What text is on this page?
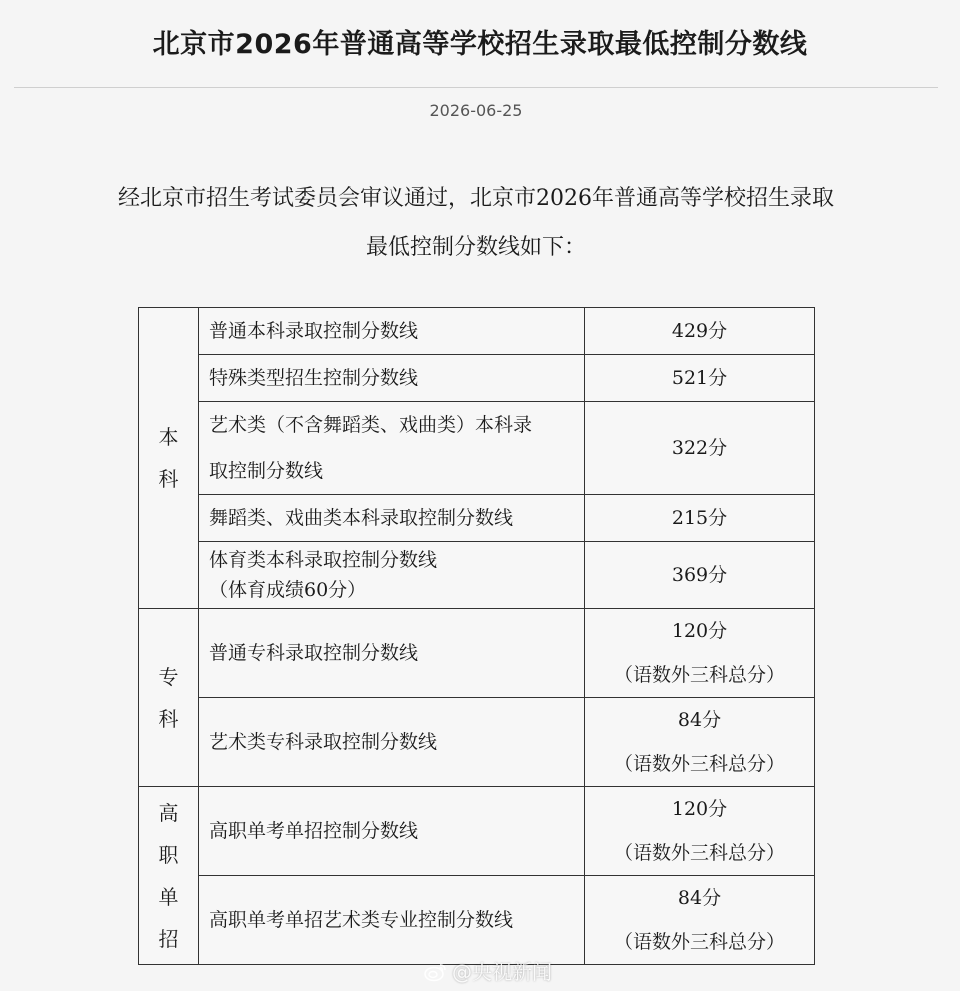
北京市2026年普通高等学校招生录取最低控制分数线
2026-06-25
经北京市招生考试委员会审议通过，北京市2026年普通高等学校招生录取
最低控制分数线如下：
本
科	普通本科录取控制分数线	429分
	特殊类型招生控制分数线	521分

	艺术类（不含舞蹈类、戏曲类）本科录
取控制分数线	322分
	舞蹈类、戏曲类本科录取控制分数线	215分

	体育类本科录取控制分数线
（体育成绩60分）	369分

专
科	普通专科录取控制分数线	120分
（语数外三科总分）

	艺术类专科录取控制分数线	84分
（语数外三科总分）

高
职
单
招	高职单考单招控制分数线	120分
（语数外三科总分）

	高职单考单招艺术类专业控制分数线	84分
（语数外三科总分）
@央视新闻
